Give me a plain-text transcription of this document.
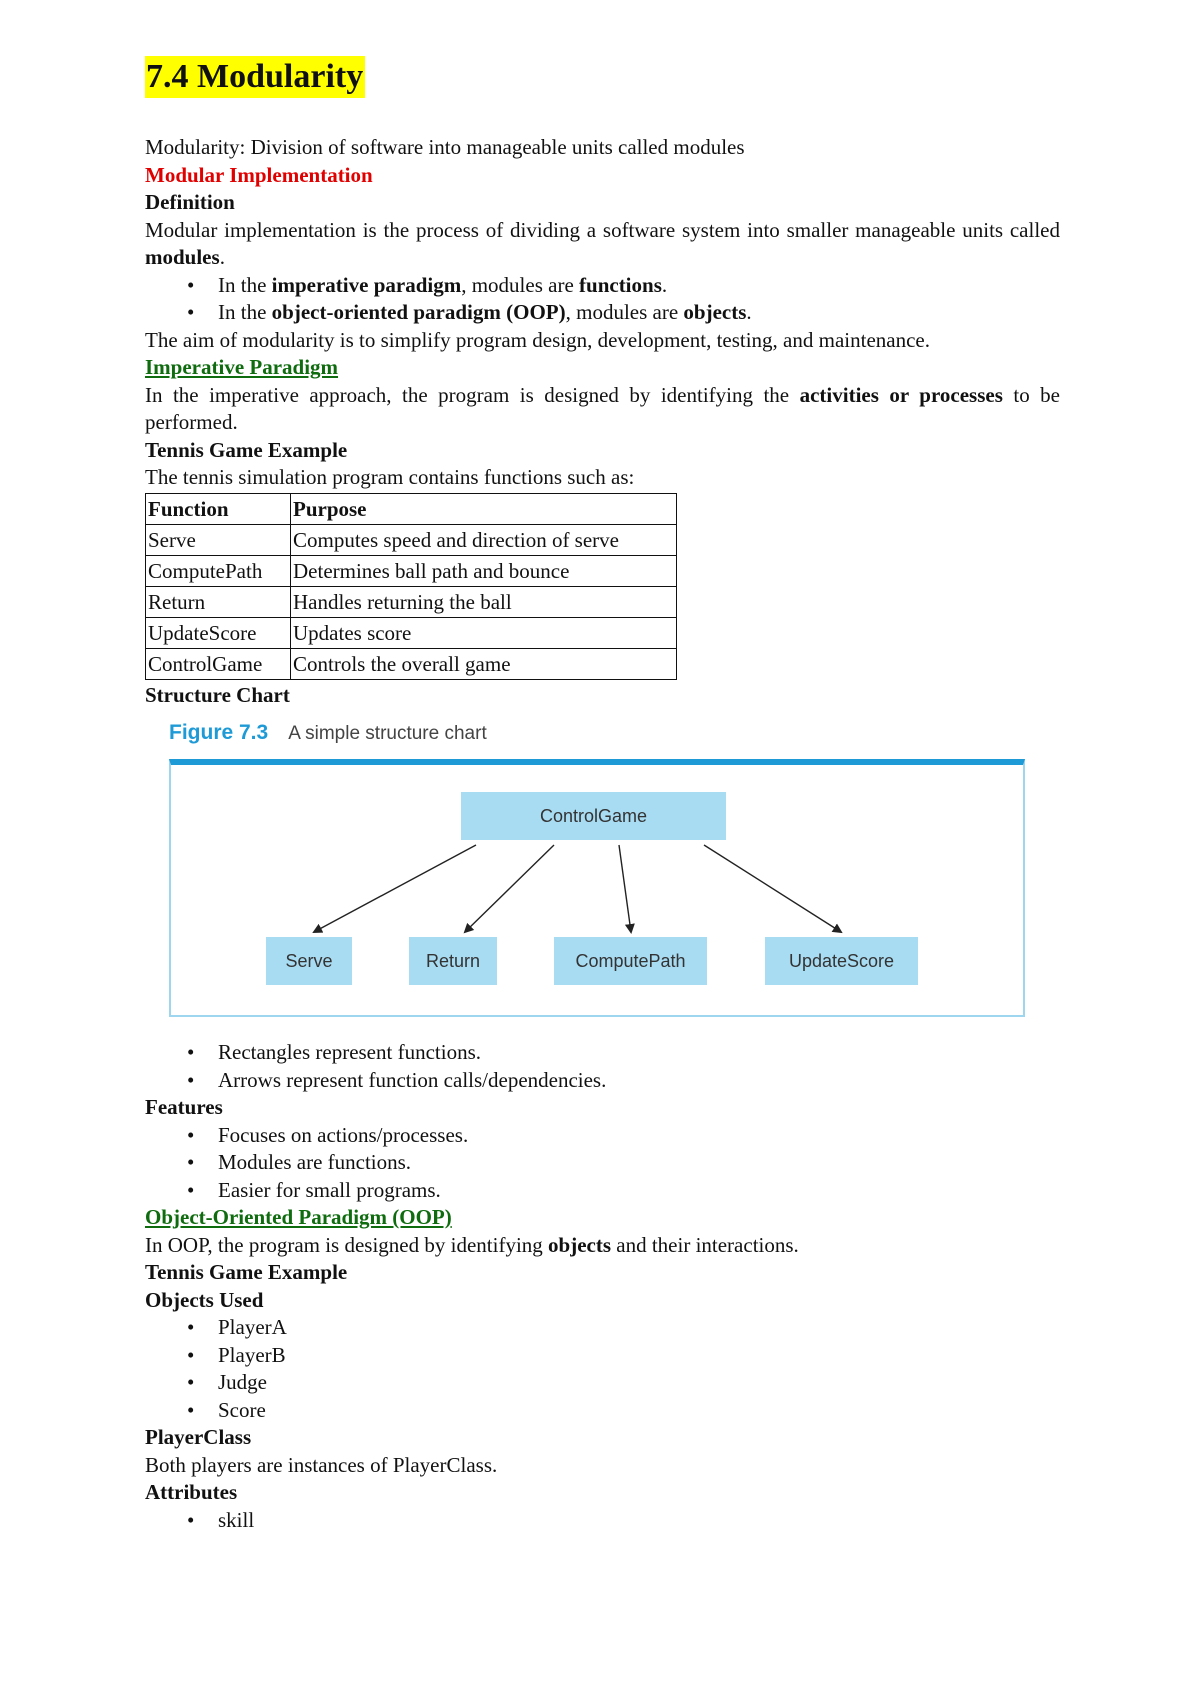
7.4 Modularity

Modularity: Division of software into manageable units called modules

Modular Implementation

Definition

Modular implementation is the process of dividing a software system into smaller manageable units called modules.

• In the imperative paradigm, modules are functions.
• In the object-oriented paradigm (OOP), modules are objects.

The aim of modularity is to simplify program design, development, testing, and maintenance.

Imperative Paradigm

In the imperative approach, the program is designed by identifying the activities or processes to be performed.

Tennis Game Example

The tennis simulation program contains functions such as:

Function	Purpose
Serve	Computes speed and direction of serve
ComputePath	Determines ball path and bounce
Return	Handles returning the ball
UpdateScore	Updates score
ControlGame	Controls the overall game

Structure Chart

Figure 7.3 A simple structure chart
ControlGame
Serve	Return	ComputePath	UpdateScore
• Rectangles represent functions.
• Arrows represent function calls/dependencies.

Features

• Focuses on actions/processes.
• Modules are functions.
• Easier for small programs.

Object-Oriented Paradigm (OOP)

In OOP, the program is designed by identifying objects and their interactions.

Tennis Game Example

Objects Used

• PlayerA
• PlayerB
• Judge
• Score

PlayerClass

Both players are instances of PlayerClass.

Attributes

• skill
